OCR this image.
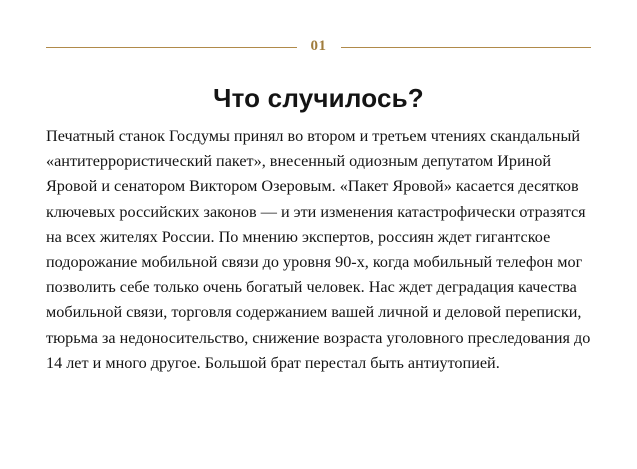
01
Что случилось?
Печатный станок Госдумы принял во втором и третьем чтениях скандальный «антитеррористический пакет», внесенный одиозным депутатом Ириной Яровой и сенатором Виктором Озеровым. «Пакет Яровой» касается десятков ключевых российских законов — и эти изменения катастрофически отразятся на всех жителях России. По мнению экспертов, россиян ждет гигантское подорожание мобильной связи до уровня 90-х, когда мобильный телефон мог позволить себе только очень богатый человек. Нас ждет деградация качества мобильной связи, торговля содержанием вашей личной и деловой переписки, тюрьма за недоносительство, снижение возраста уголовного преследования до 14 лет и много другое. Большой брат перестал быть антиутопией.
